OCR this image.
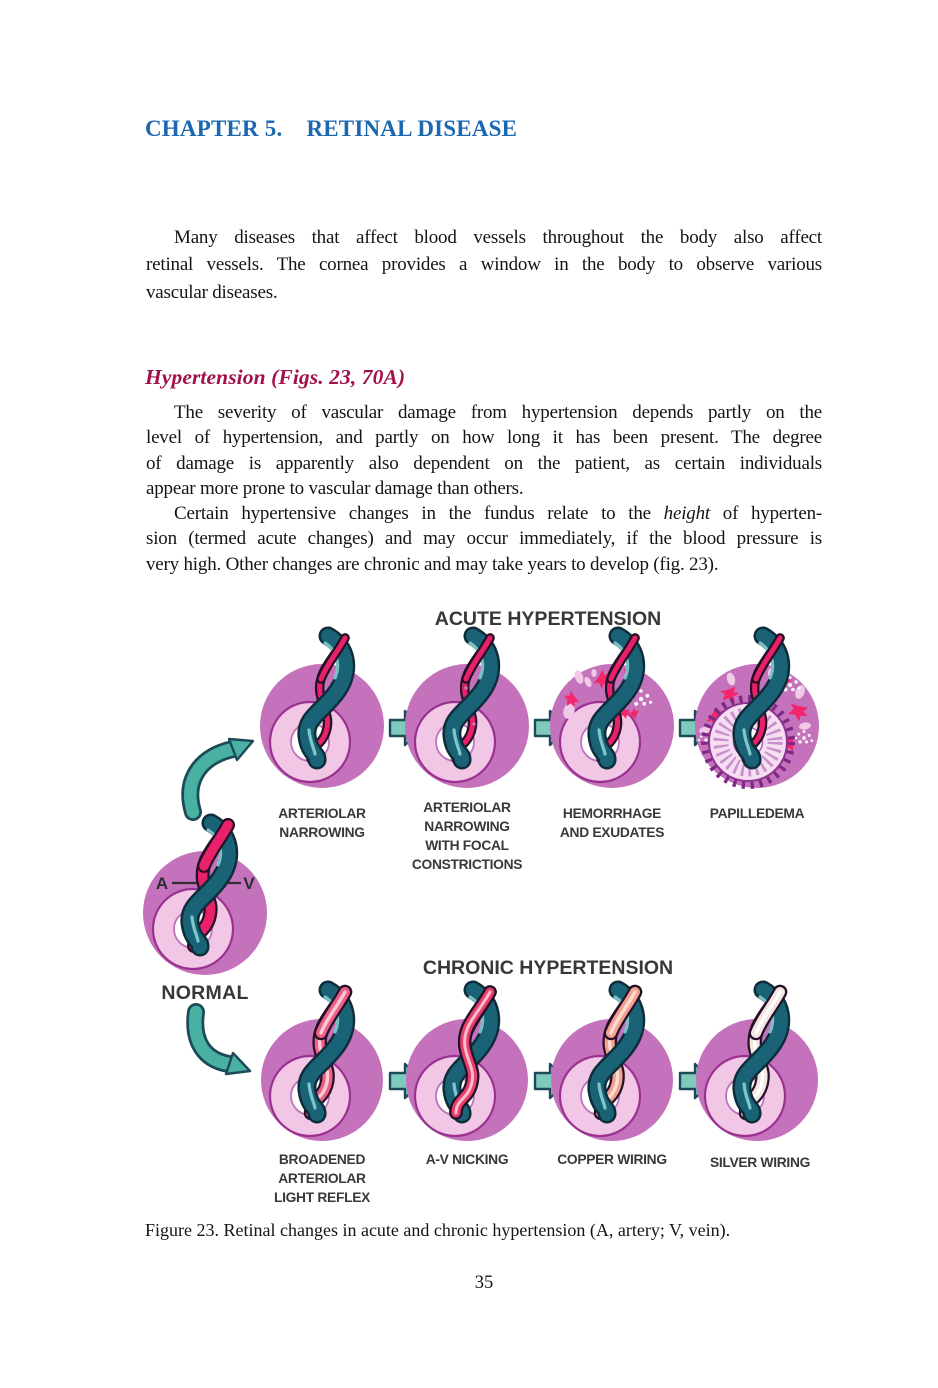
CHAPTER 5. RETINAL DISEASE
Many diseases that affect blood vessels throughout the body also affect
retinal vessels. The cornea provides a window in the body to observe various
vascular diseases.
Hypertension (Figs. 23, 70A)
The severity of vascular damage from hypertension depends partly on the
level of hypertension, and partly on how long it has been present. The degree
of damage is apparently also dependent on the patient, as certain individuals
appear more prone to vascular damage than others.
Certain hypertensive changes in the fundus relate to the height of hyperten-
sion (termed acute changes) and may occur immediately, if the blood pressure is
very high. Other changes are chronic and may take years to develop (fig. 23).
ACUTE HYPERTENSION
CHRONIC HYPERTENSION
ARTERIOLAR
NARROWING
ARTERIOLAR
NARROWING
WITH FOCAL
CONSTRICTIONS
HEMORRHAGE
AND EXUDATES
PAPILLEDEMA
A	V
NORMAL
BROADENED
ARTERIOLAR
LIGHT REFLEX
A-V NICKING	COPPER WIRING	SILVER WIRING
Figure 23. Retinal changes in acute and chronic hypertension (A, artery; V, vein).
35
